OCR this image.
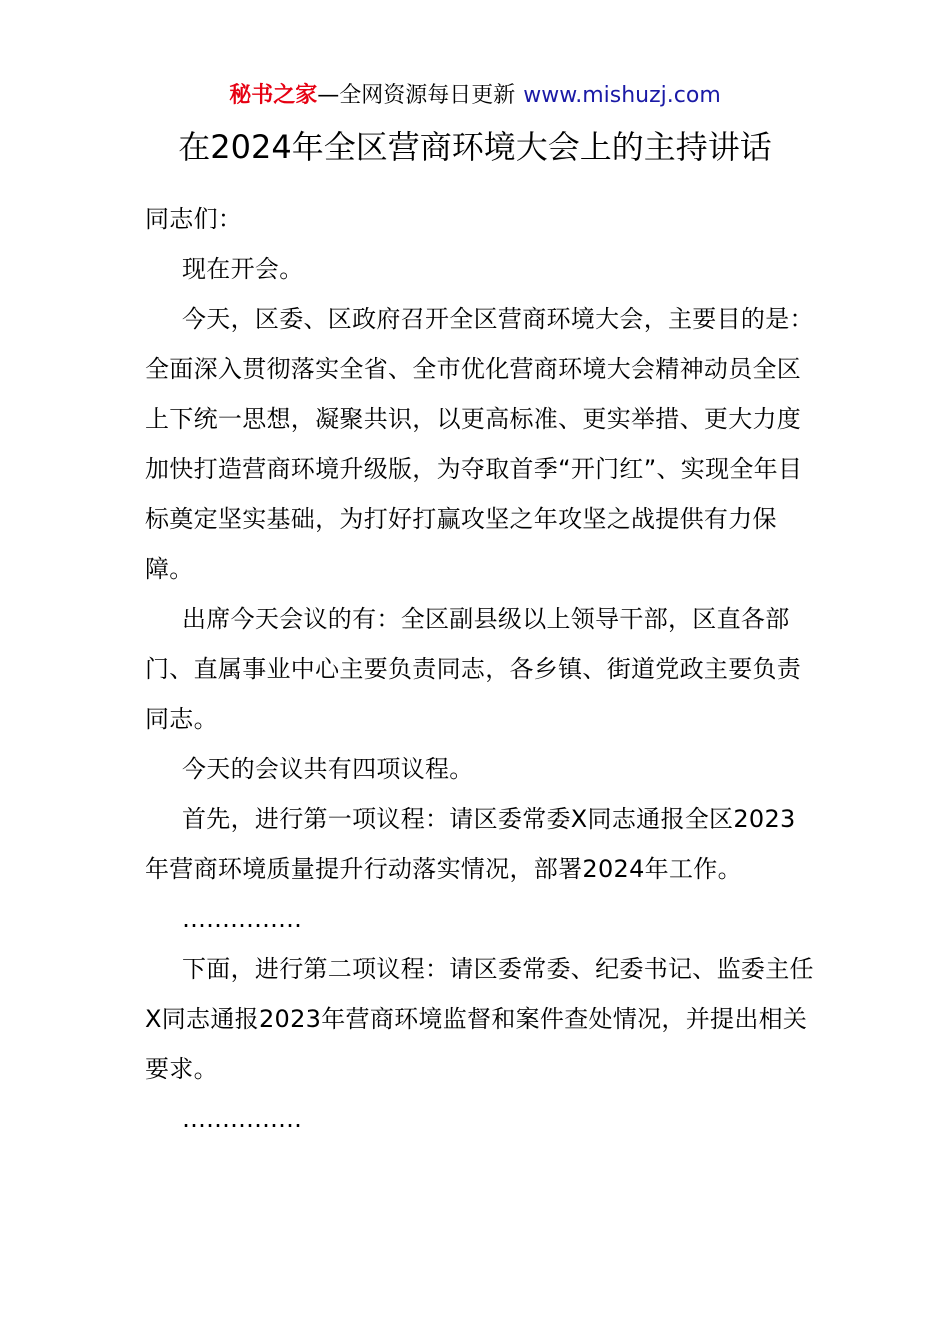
秘书之家—全网资源每日更新 www.mishuzj.com
在2024年全区营商环境大会上的主持讲话

同志们：

现在开会。

今天，区委、区政府召开全区营商环境大会，主要目的是：全面深入贯彻落实全省、全市优化营商环境大会精神动员全区上下统一思想，凝聚共识，以更高标准、更实举措、更大力度加快打造营商环境升级版，为夺取首季“开门红”、实现全年目标奠定坚实基础，为打好打赢攻坚之年攻坚之战提供有力保障。

出席今天会议的有：全区副县级以上领导干部，区直各部门、直属事业中心主要负责同志，各乡镇、街道党政主要负责同志。

今天的会议共有四项议程。

首先，进行第一项议程：请区委常委X同志通报全区2023年营商环境质量提升行动落实情况，部署2024年工作。

……………

下面，进行第二项议程：请区委常委、纪委书记、监委主任X同志通报2023年营商环境监督和案件查处情况，并提出相关要求。

……………
